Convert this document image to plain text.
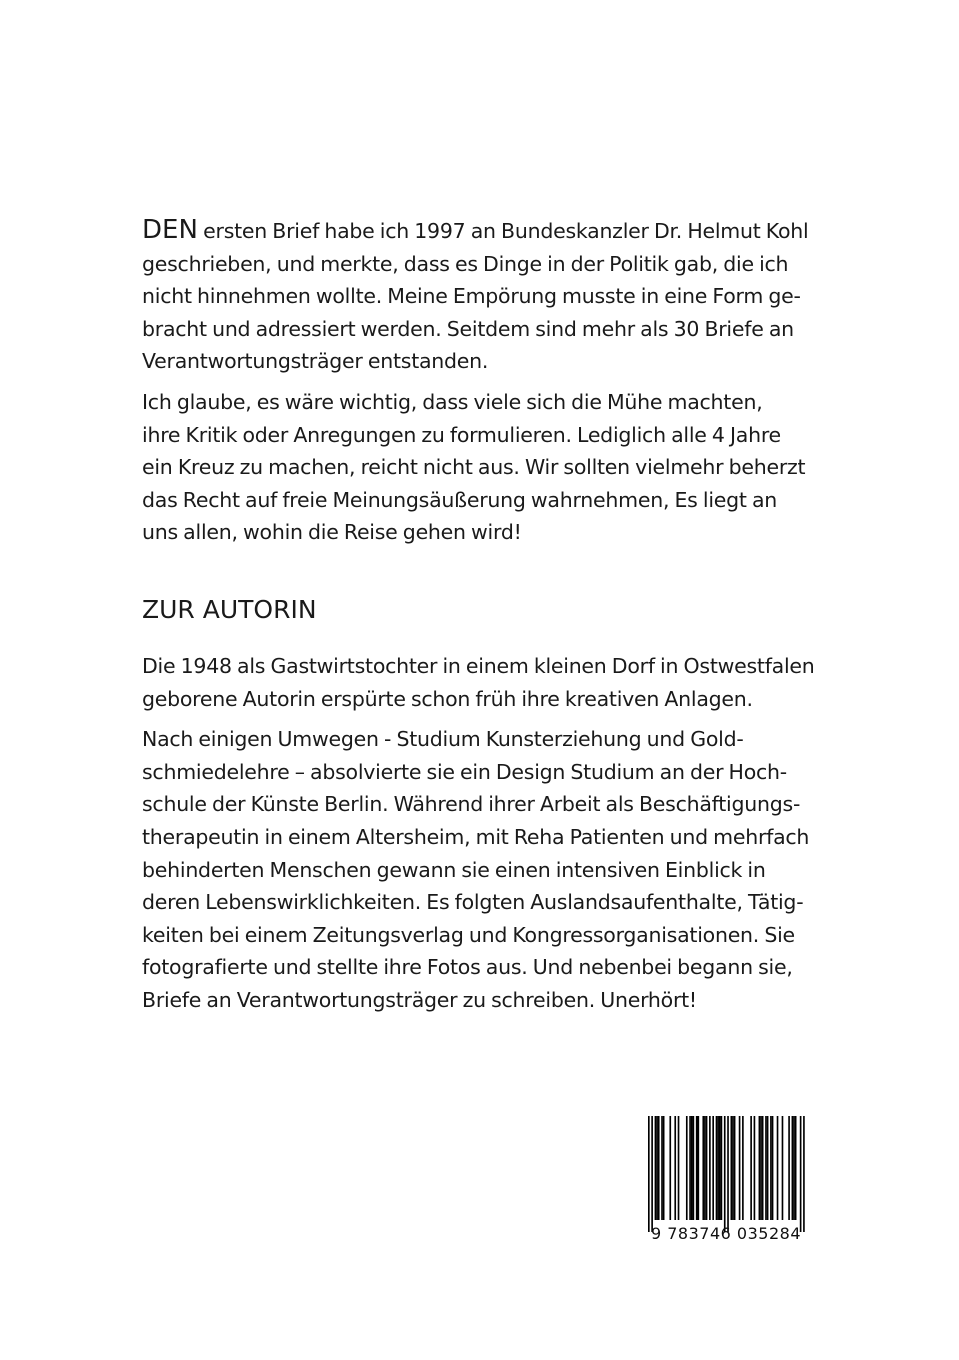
DEN ersten Brief habe ich 1997 an Bundeskanzler Dr. Helmut Kohl
geschrieben, und merkte, dass es Dinge in der Politik gab, die ich
nicht hinnehmen wollte. Meine Empörung musste in eine Form ge-
bracht und adressiert werden. Seitdem sind mehr als 30 Briefe an
Verantwortungsträger entstanden.

Ich glaube, es wäre wichtig, dass viele sich die Mühe machten,
ihre Kritik oder Anregungen zu formulieren. Lediglich alle 4 Jahre
ein Kreuz zu machen, reicht nicht aus. Wir sollten vielmehr beherzt
das Recht auf freie Meinungsäußerung wahrnehmen, Es liegt an
uns allen, wohin die Reise gehen wird!

ZUR AUTORIN

Die 1948 als Gastwirtstochter in einem kleinen Dorf in Ostwestfalen
geborene Autorin erspürte schon früh ihre kreativen Anlagen.

Nach einigen Umwegen - Studium Kunsterziehung und Gold-
schmiedelehre – absolvierte sie ein Design Studium an der Hoch-
schule der Künste Berlin. Während ihrer Arbeit als Beschäftigungs-
therapeutin in einem Altersheim, mit Reha Patienten und mehrfach
behinderten Menschen gewann sie einen intensiven Einblick in
deren Lebenswirklichkeiten. Es folgten Auslandsaufenthalte, Tätig-
keiten bei einem Zeitungsverlag und Kongressorganisationen. Sie
fotografierte und stellte ihre Fotos aus. Und nebenbei begann sie,
Briefe an Verantwortungsträger zu schreiben. Unerhört!

9 783746 035284
